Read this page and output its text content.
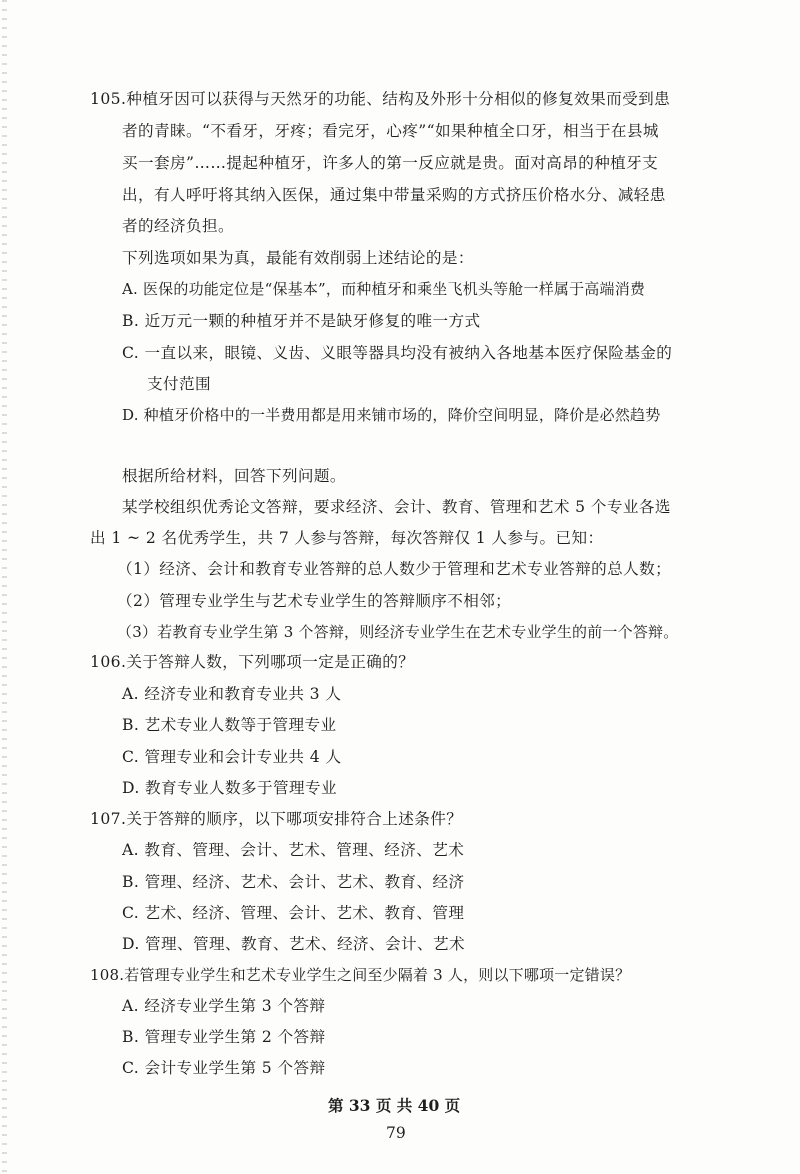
105.种植牙因可以获得与天然牙的功能、结构及外形十分相似的修复效果而受到患
者的青睐。“不看牙，牙疼；看完牙，心疼”“如果种植全口牙，相当于在县城
买一套房”……提起种植牙，许多人的第一反应就是贵。面对高昂的种植牙支
出，有人呼吁将其纳入医保，通过集中带量采购的方式挤压价格水分、减轻患
者的经济负担。
下列选项如果为真，最能有效削弱上述结论的是：
A. 医保的功能定位是“保基本”，而种植牙和乘坐飞机头等舱一样属于高端消费
B. 近万元一颗的种植牙并不是缺牙修复的唯一方式
C. 一直以来，眼镜、义齿、义眼等器具均没有被纳入各地基本医疗保险基金的
支付范围
D. 种植牙价格中的一半费用都是用来铺市场的，降价空间明显，降价是必然趋势
根据所给材料，回答下列问题。
某学校组织优秀论文答辩，要求经济、会计、教育、管理和艺术 5 个专业各选
出 1 ~ 2 名优秀学生，共 7 人参与答辩，每次答辩仅 1 人参与。已知：
（1）经济、会计和教育专业答辩的总人数少于管理和艺术专业答辩的总人数；
（2）管理专业学生与艺术专业学生的答辩顺序不相邻；
（3）若教育专业学生第 3 个答辩，则经济专业学生在艺术专业学生的前一个答辩。
106.关于答辩人数，下列哪项一定是正确的？
A. 经济专业和教育专业共 3 人
B. 艺术专业人数等于管理专业
C. 管理专业和会计专业共 4 人
D. 教育专业人数多于管理专业
107.关于答辩的顺序，以下哪项安排符合上述条件？
A. 教育、管理、会计、艺术、管理、经济、艺术
B. 管理、经济、艺术、会计、艺术、教育、经济
C. 艺术、经济、管理、会计、艺术、教育、管理
D. 管理、管理、教育、艺术、经济、会计、艺术
108.若管理专业学生和艺术专业学生之间至少隔着 3 人，则以下哪项一定错误？
A. 经济专业学生第 3 个答辩
B. 管理专业学生第 2 个答辩
C. 会计专业学生第 5 个答辩
第 33 页 共 40 页
79
